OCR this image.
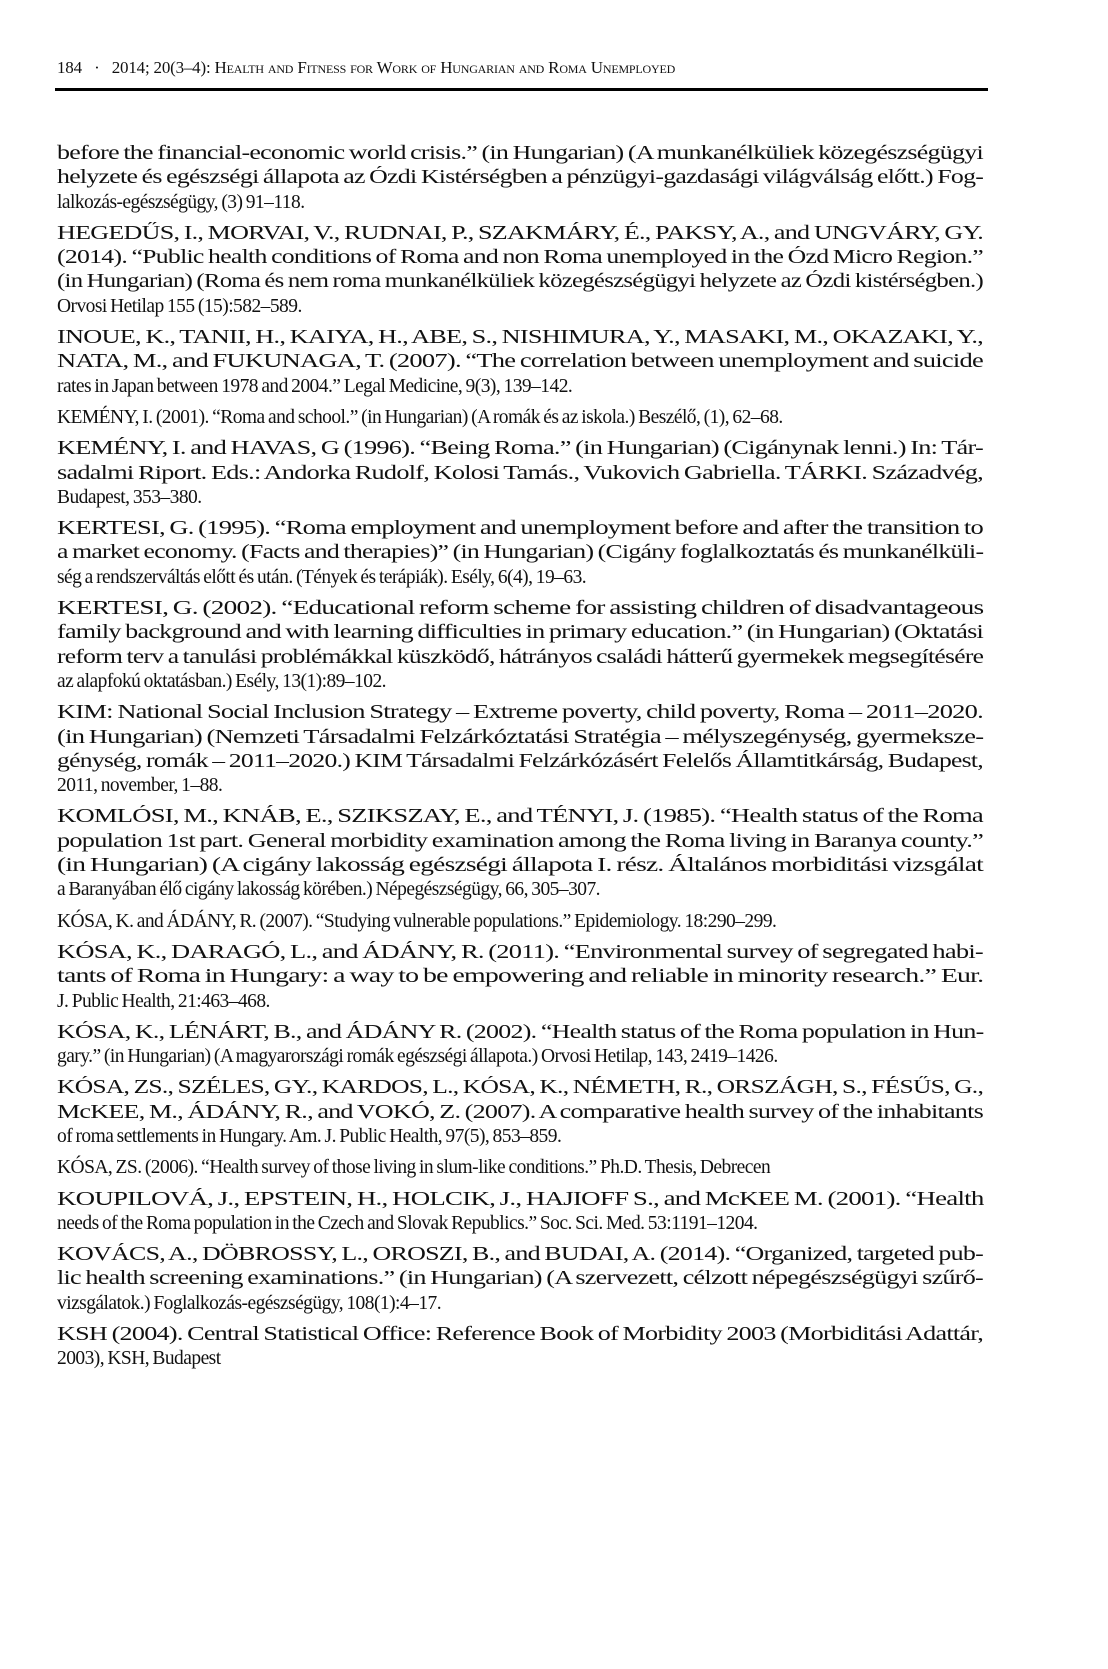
184 · 2014; 20(3–4): Health and Fitness for Work of Hungarian and Roma Unemployed
before the financial-economic world crisis.” (in Hungarian) (A munkanélküliek közegészségügyi
helyzete és egészségi állapota az Ózdi Kistérségben a pénzügyi-gazdasági világválság előtt.) Fog-
lalkozás-egészségügy, (3) 91–118.
HEGEDŰS, I., MORVAI, V., RUDNAI, P., SZAKMÁRY, É., PAKSY, A., and UNGVÁRY, GY.
(2014). “Public health conditions of Roma and non Roma unemployed in the Ózd Micro Region.”
(in Hungarian) (Roma és nem roma munkanélküliek közegészségügyi helyzete az Ózdi kistérségben.)
Orvosi Hetilap 155 (15):582–589.
INOUE, K., TANII, H., KAIYA, H., ABE, S., NISHIMURA, Y., MASAKI, M., OKAZAKI, Y.,
NATA, M., and FUKUNAGA, T. (2007). “The correlation between unemployment and suicide
rates in Japan between 1978 and 2004.” Legal Medicine, 9(3), 139–142.
KEMÉNY, I. (2001). “Roma and school.” (in Hungarian) (A romák és az iskola.) Beszélő, (1), 62–68.
KEMÉNY, I. and HAVAS, G (1996). “Being Roma.” (in Hungarian) (Cigánynak lenni.) In: Tár-
sadalmi Riport. Eds.: Andorka Rudolf, Kolosi Tamás., Vukovich Gabriella. TÁRKI. Századvég,
Budapest, 353–380.
KERTESI, G. (1995). “Roma employment and unemployment before and after the transition to
a market economy. (Facts and therapies)” (in Hungarian) (Cigány foglalkoztatás és munkanélküli-
ség a rendszerváltás előtt és után. (Tények és terápiák). Esély, 6(4), 19–63.
KERTESI, G. (2002). “Educational reform scheme for assisting children of disadvantageous
family background and with learning difficulties in primary education.” (in Hungarian) (Oktatási
reform terv a tanulási problémákkal küszködő, hátrányos családi hátterű gyermekek megsegítésére
az alapfokú oktatásban.) Esély, 13(1):89–102.
KIM: National Social Inclusion Strategy – Extreme poverty, child poverty, Roma – 2011–2020.
(in Hungarian) (Nemzeti Társadalmi Felzárkóztatási Stratégia – mélyszegénység, gyermeksze-
génység, romák – 2011–2020.) KIM Társadalmi Felzárkózásért Felelős Államtitkárság, Budapest,
2011, november, 1–88.
KOMLÓSI, M., KNÁB, E., SZIKSZAY, E., and TÉNYI, J. (1985). “Health status of the Roma
population 1st part. General morbidity examination among the Roma living in Baranya county.”
(in Hungarian) (A cigány lakosság egészségi állapota I. rész. Általános morbiditási vizsgálat
a Baranyában élő cigány lakosság körében.) Népegészségügy, 66, 305–307.
KÓSA, K. and ÁDÁNY, R. (2007). “Studying vulnerable populations.” Epidemiology. 18:290–299.
KÓSA, K., DARAGÓ, L., and ÁDÁNY, R. (2011). “Environmental survey of segregated habi-
tants of Roma in Hungary: a way to be empowering and reliable in minority research.” Eur.
J. Public Health, 21:463–468.
KÓSA, K., LÉNÁRT, B., and ÁDÁNY R. (2002). “Health status of the Roma population in Hun-
gary.” (in Hungarian) (A magyarországi romák egészségi állapota.) Orvosi Hetilap, 143, 2419–1426.
KÓSA, ZS., SZÉLES, GY., KARDOS, L., KÓSA, K., NÉMETH, R., ORSZÁGH, S., FÉSŰS, G.,
McKEE, M., ÁDÁNY, R., and VOKÓ, Z. (2007). A comparative health survey of the inhabitants
of roma settlements in Hungary. Am. J. Public Health, 97(5), 853–859.
KÓSA, ZS. (2006). “Health survey of those living in slum-like conditions.” Ph.D. Thesis, Debrecen
KOUPILOVÁ, J., EPSTEIN, H., HOLCIK, J., HAJIOFF S., and McKEE M. (2001). “Health
needs of the Roma population in the Czech and Slovak Republics.” Soc. Sci. Med. 53:1191–1204.
KOVÁCS, A., DÖBROSSY, L., OROSZI, B., and BUDAI, A. (2014). “Organized, targeted pub-
lic health screening examinations.” (in Hungarian) (A szervezett, célzott népegészségügyi szűrő-
vizsgálatok.) Foglalkozás-egészségügy, 108(1):4–17.
KSH (2004). Central Statistical Office: Reference Book of Morbidity 2003 (Morbiditási Adattár,
2003), KSH, Budapest
